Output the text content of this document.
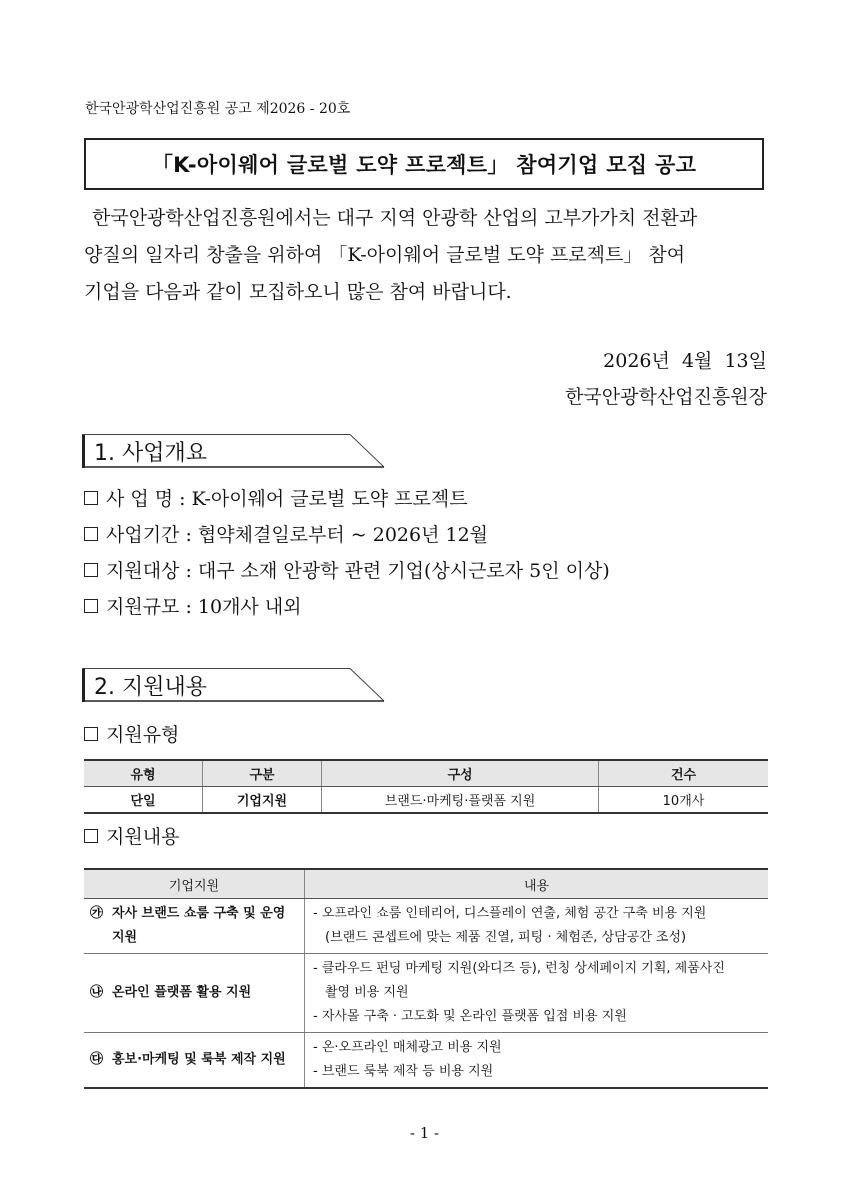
한국안광학산업진흥원 공고 제2026 - 20호
「K-아이웨어 글로벌 도약 프로젝트」 참여기업 모집 공고

한국안광학산업진흥원에서는 대구 지역 안광학 산업의 고부가가치 전환과

양질의 일자리 창출을 위하여 「K-아이웨어 글로벌 도약 프로젝트」 참여

기업을 다음과 같이 모집하오니 많은 참여 바랍니다.

2026년  4월  13일
한국안광학산업진흥원장
1. 사업개요
사 업 명 : K-아이웨어 글로벌 도약 프로젝트
사업기간 : 협약체결일로부터 ~ 2026년 12월
지원대상 : 대구 소재 안광학 관련 기업(상시근로자 5인 이상)
지원규모 : 10개사 내외
2. 지원내용
지원유형
유형	구분	구성	건수
단일	기업지원	브랜드·마케팅·플랫폼 지원	10개사
지원내용
기업지원	내용

㉮ 자사 브랜드 쇼룸 구축 및 운영 지원	- 오프라인 쇼룸 인테리어, 디스플레이 연출, 체험 공간 구축 비용 지원
(브랜드 콘셉트에 맞는 제품 진열, 피팅 · 체험존, 상담공간 조성)

㉯ 온라인 플랫폼 활용 지원	- 클라우드 펀딩 마케팅 지원(와디즈 등), 런칭 상세페이지 기획, 제품사진
촬영 비용 지원
- 자사몰 구축 · 고도화 및 온라인 플랫폼 입점 비용 지원

㉰ 홍보·마케팅 및 룩북 제작 지원	- 온·오프라인 매체광고 비용 지원
- 브랜드 룩북 제작 등 비용 지원
- 1 -
